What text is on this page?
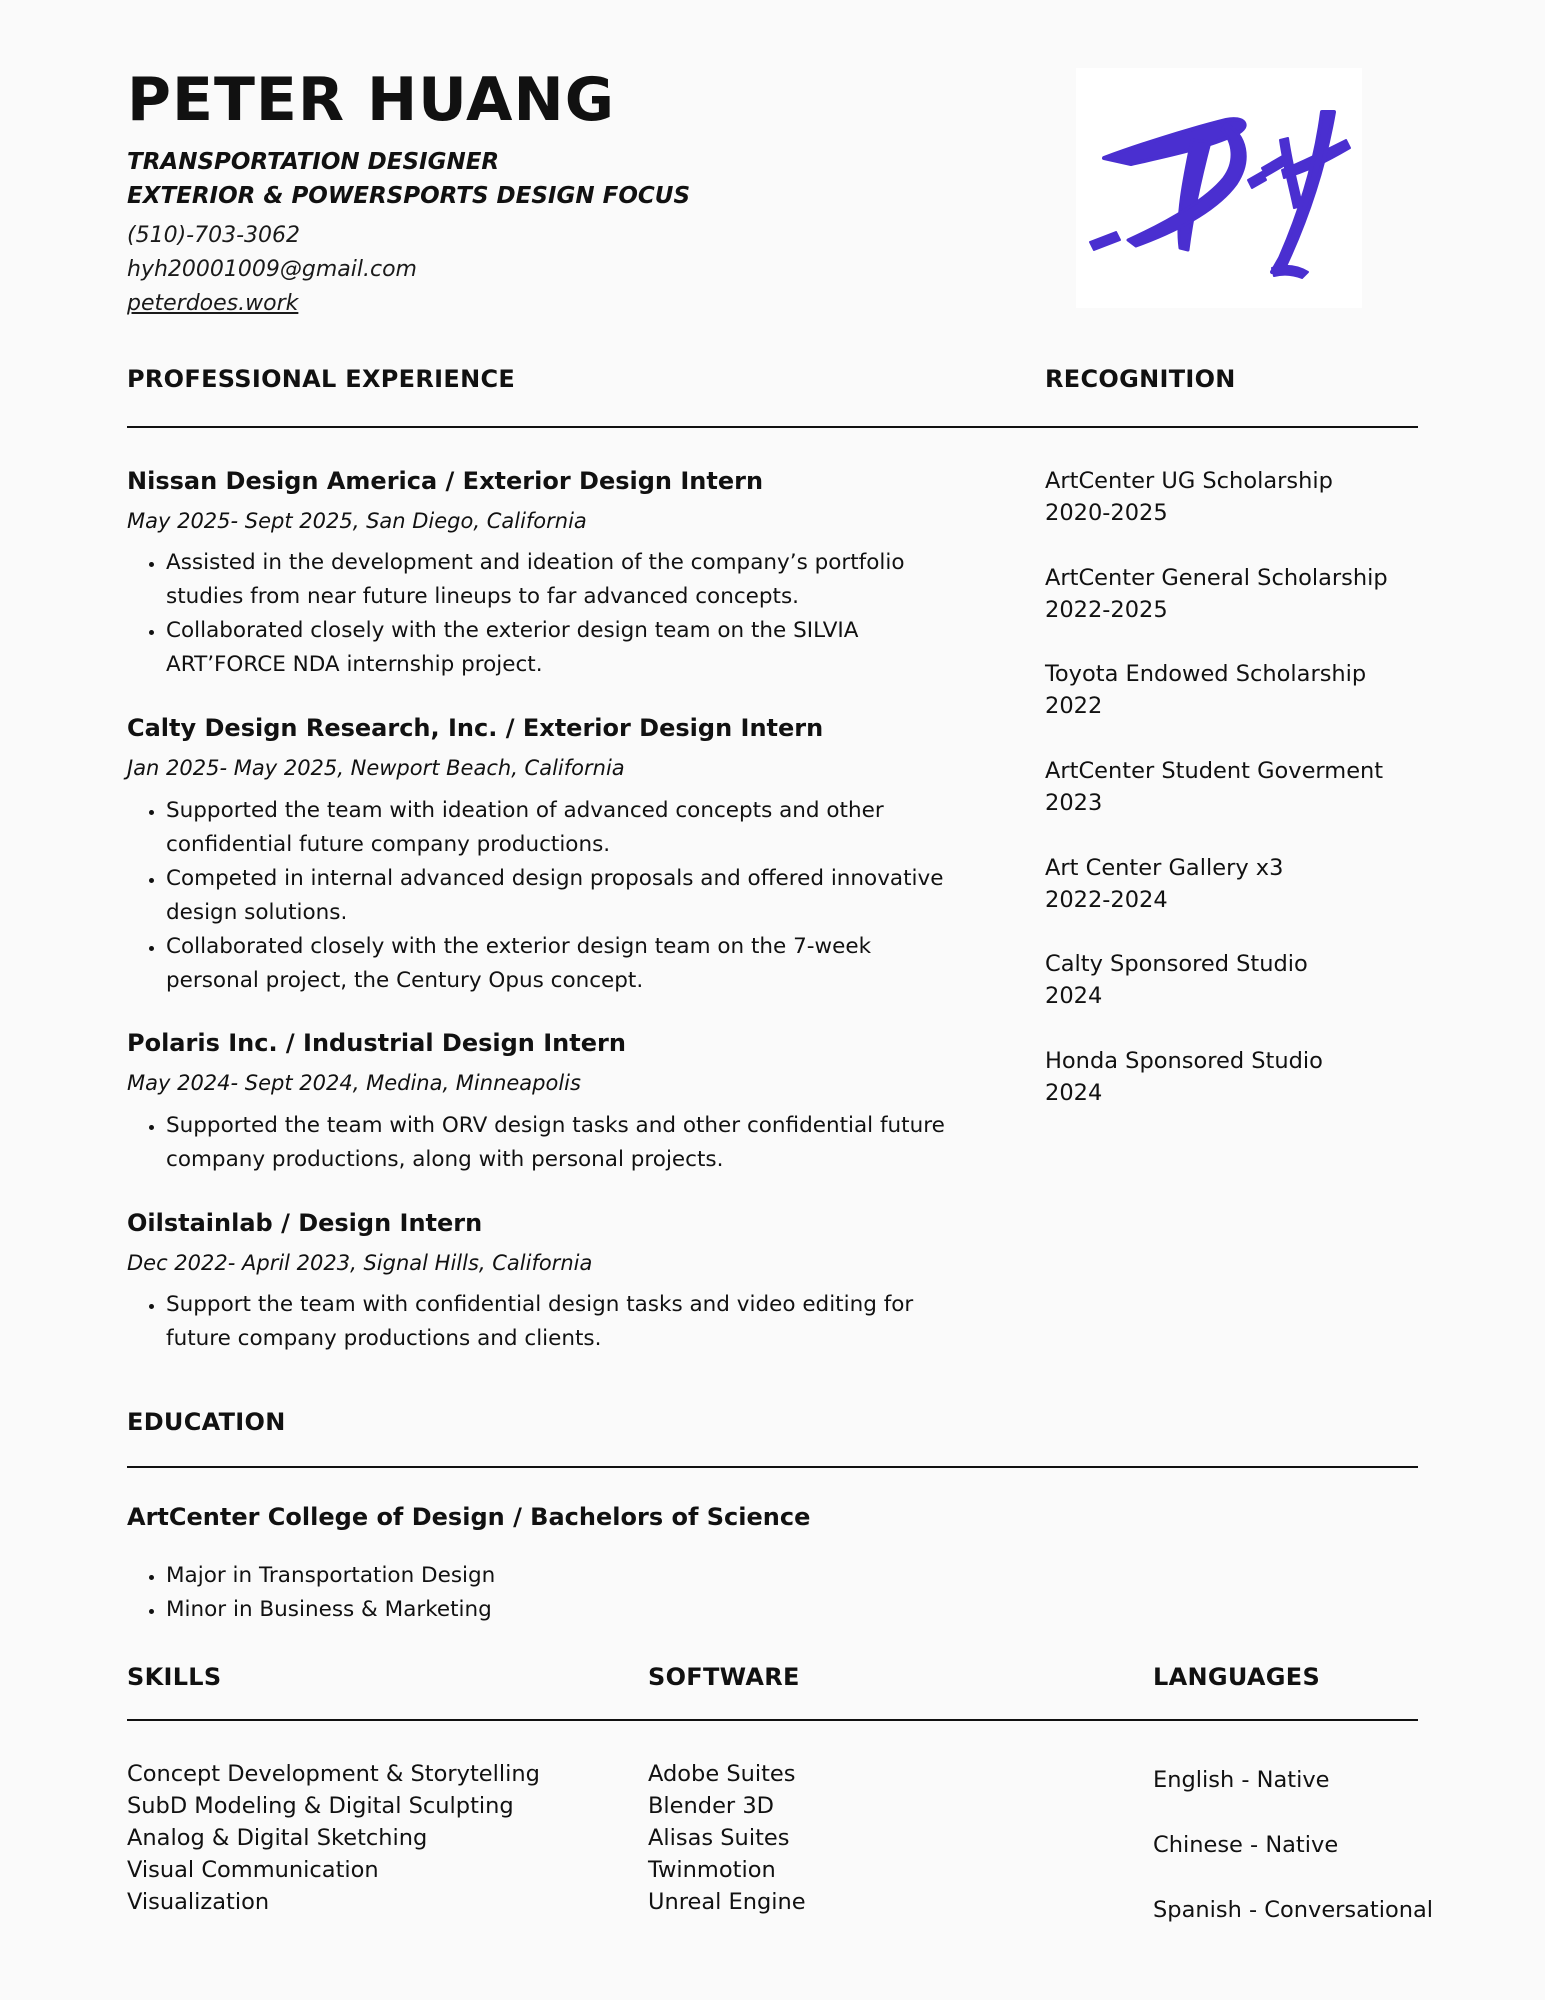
PETER HUANG
TRANSPORTATION DESIGNER
EXTERIOR & POWERSPORTS DESIGN FOCUS
(510)-703-3062
hyh20001009@gmail.com
peterdoes.work
PROFESSIONAL EXPERIENCE	RECOGNITION
Nissan Design America / Exterior Design Intern
May 2025- Sept 2025, San Diego, California
• Assisted in the development and ideation of the company’s portfolio studies from near future lineups to far advanced concepts.
• Collaborated closely with the exterior design team on the SILVIA ART’FORCE NDA internship project.
Calty Design Research, Inc. / Exterior Design Intern
Jan 2025- May 2025, Newport Beach, California
• Supported the team with ideation of advanced concepts and other confidential future company productions.
• Competed in internal advanced design proposals and offered innovative design solutions.
• Collaborated closely with the exterior design team on the 7-week personal project, the Century Opus concept.
Polaris Inc. / Industrial Design Intern
May 2024- Sept 2024, Medina, Minneapolis
• Supported the team with ORV design tasks and other confidential future company productions, along with personal projects.
Oilstainlab / Design Intern
Dec 2022- April 2023, Signal Hills, California
• Support the team with confidential design tasks and video editing for future company productions and clients.
ArtCenter UG Scholarship
2020-2025
ArtCenter General Scholarship
2022-2025
Toyota Endowed Scholarship
2022
ArtCenter Student Goverment
2023
Art Center Gallery x3
2022-2024
Calty Sponsored Studio
2024
Honda Sponsored Studio
2024
EDUCATION
ArtCenter College of Design / Bachelors of Science
• Major in Transportation Design
• Minor in Business & Marketing
SKILLS	SOFTWARE	LANGUAGES
Concept Development & Storytelling
SubD Modeling & Digital Sculpting
Analog & Digital Sketching
Visual Communication
Visualization
Adobe Suites
Blender 3D
Alisas Suites
Twinmotion
Unreal Engine
English - Native
Chinese - Native
Spanish - Conversational
